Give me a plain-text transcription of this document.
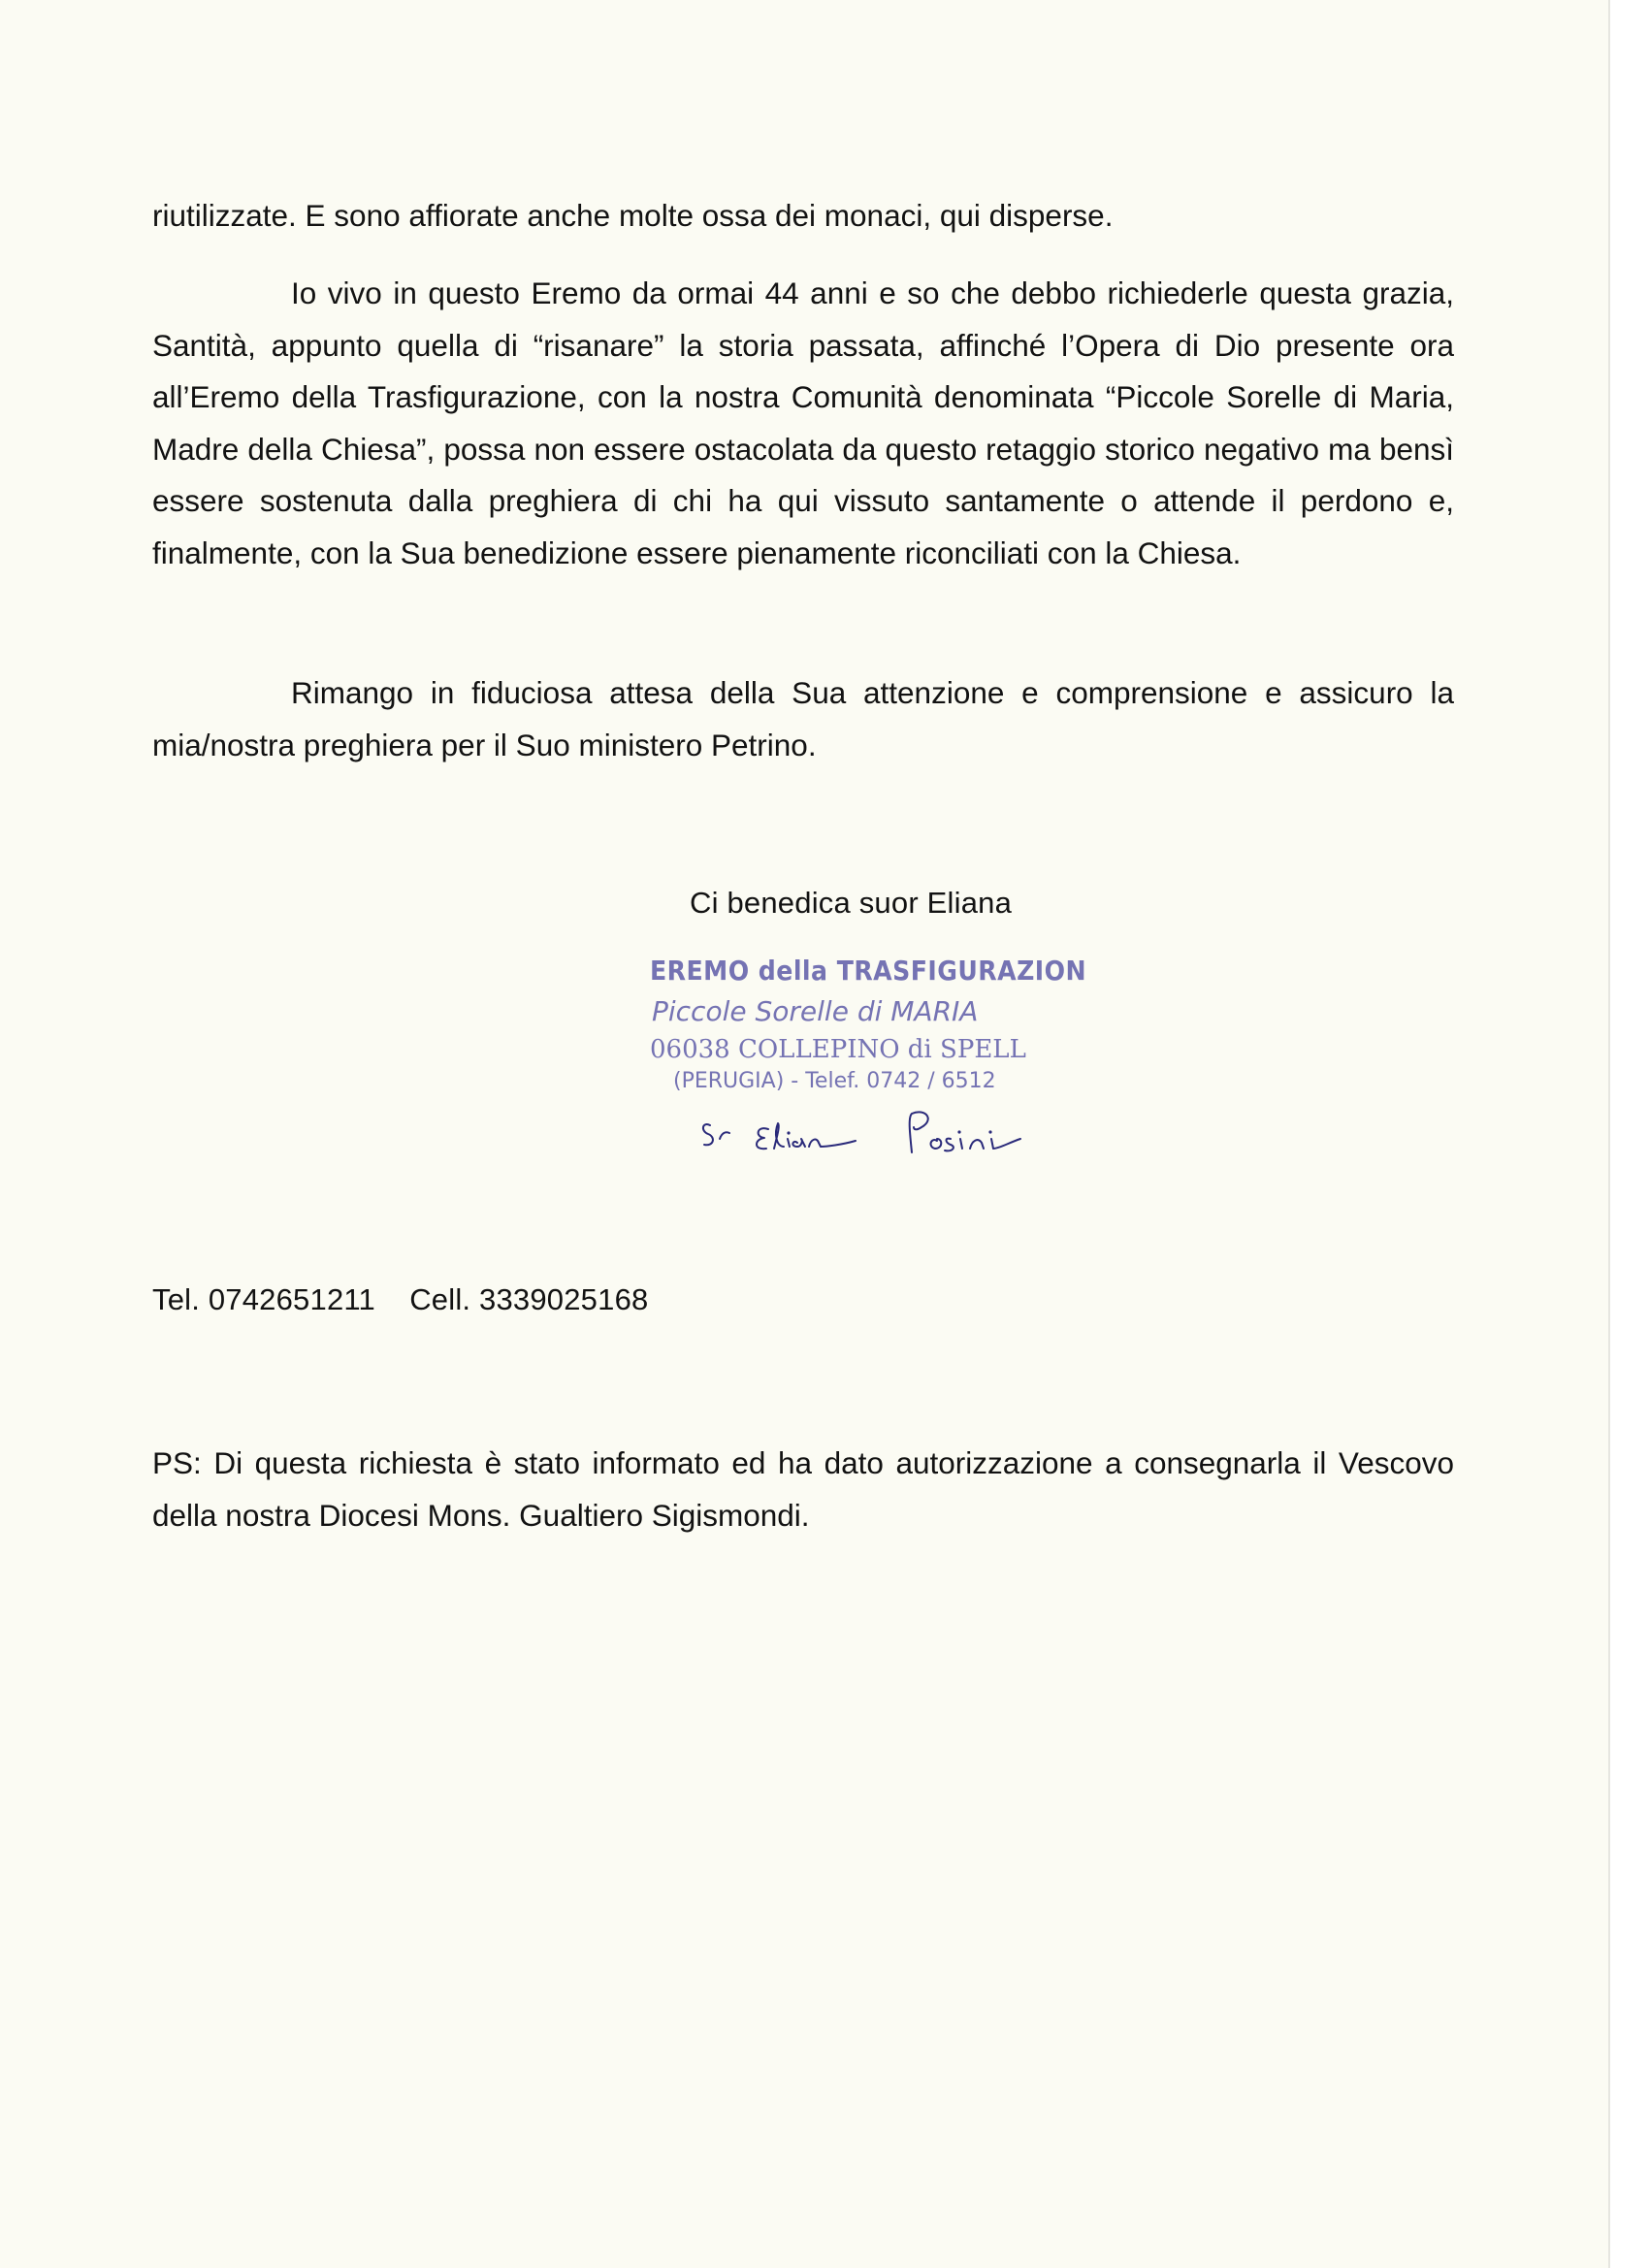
riutilizzate. E sono affiorate anche molte ossa dei monaci, qui disperse.

Io vivo in questo Eremo da ormai 44 anni e so che debbo richiederle questa grazia, Santità, appunto quella di “risanare” la storia passata, affinché l’Opera di Dio presente ora all’Eremo della Trasfigurazione, con la nostra Comunità denominata “Piccole Sorelle di Maria, Madre della Chiesa”, possa non essere ostacolata da questo retaggio storico negativo ma bensì essere sostenuta dalla preghiera di chi ha qui vissuto santamente o attende il perdono e, finalmente, con la Sua benedizione essere pienamente riconciliati con la Chiesa.

Rimango in fiduciosa attesa della Sua attenzione e comprensione e assicuro la mia/nostra preghiera per il Suo ministero Petrino.

Ci benedica suor Eliana
EREMO della TRASFIGURAZION
Piccole Sorelle di MARIA
06038 COLLEPINO di SPELL
(PERUGIA) - Telef. 0742 / 6512
Tel. 0742651211    Cell. 3339025168

PS: Di questa richiesta è stato informato ed ha dato autorizzazione a consegnarla il Vescovo della nostra Diocesi Mons. Gualtiero Sigismondi.
